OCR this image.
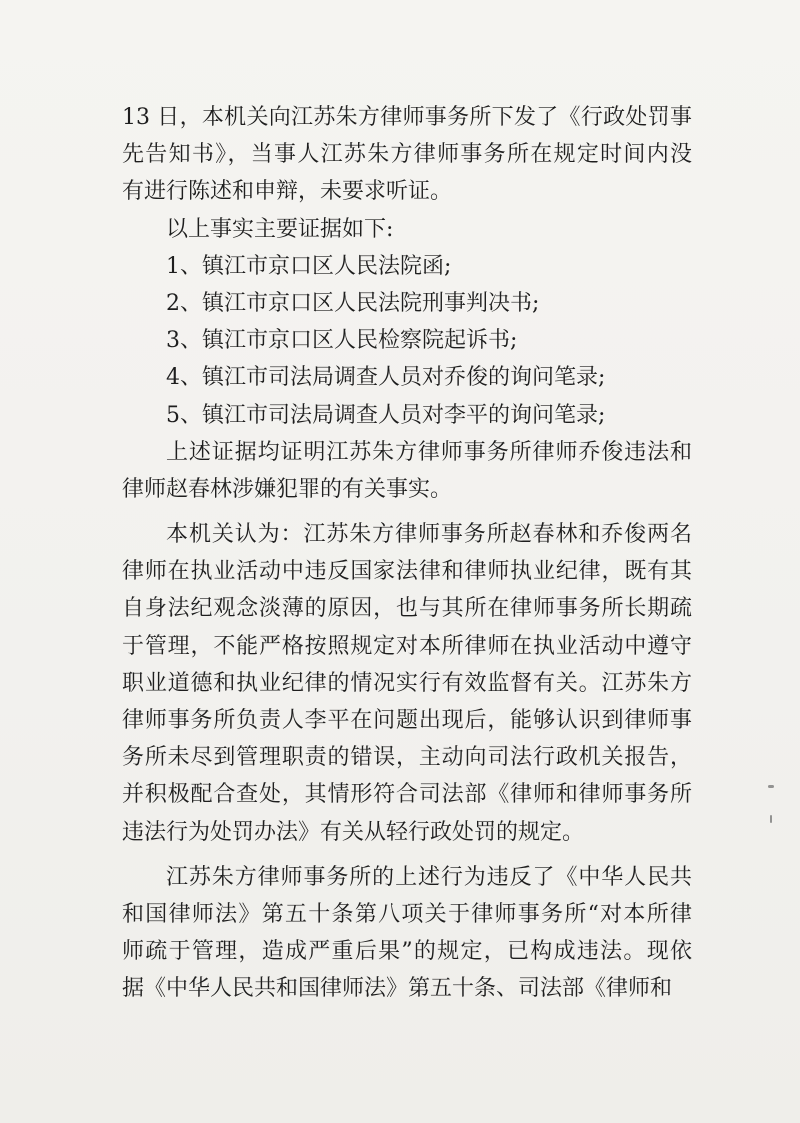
13 日，本机关向江苏朱方律师事务所下发了《行政处罚事
先告知书》，当事人江苏朱方律师事务所在规定时间内没
有进行陈述和申辩，未要求听证。
以上事实主要证据如下:
1、镇江市京口区人民法院函;
2、镇江市京口区人民法院刑事判决书;
3、镇江市京口区人民检察院起诉书;
4、镇江市司法局调查人员对乔俊的询问笔录;
5、镇江市司法局调查人员对李平的询问笔录;
上述证据均证明江苏朱方律师事务所律师乔俊违法和
律师赵春林涉嫌犯罪的有关事实。
本机关认为：江苏朱方律师事务所赵春林和乔俊两名
律师在执业活动中违反国家法律和律师执业纪律，既有其
自身法纪观念淡薄的原因，也与其所在律师事务所长期疏
于管理，不能严格按照规定对本所律师在执业活动中遵守
职业道德和执业纪律的情况实行有效监督有关。江苏朱方
律师事务所负责人李平在问题出现后，能够认识到律师事
务所未尽到管理职责的错误，主动向司法行政机关报告，
并积极配合查处，其情形符合司法部《律师和律师事务所
违法行为处罚办法》有关从轻行政处罚的规定。
江苏朱方律师事务所的上述行为违反了《中华人民共
和国律师法》第五十条第八项关于律师事务所“对本所律
师疏于管理，造成严重后果”的规定，已构成违法。现依
据《中华人民共和国律师法》第五十条、司法部《律师和
